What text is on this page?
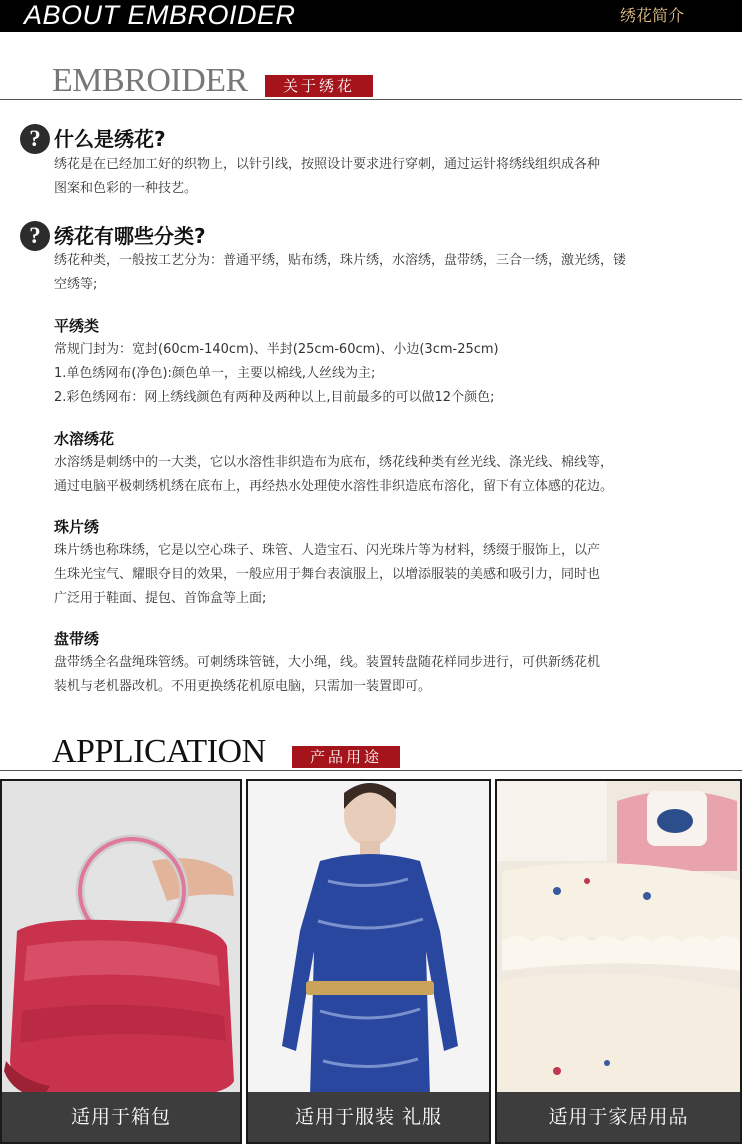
ABOUT EMBROIDER	绣花简介
EMBROIDER	关于绣花
? 什么是绣花?

绣花是在已经加工好的织物上，以针引线，按照设计要求进行穿刺，通过运针将绣线组织成各种
图案和色彩的一种技艺。

? 绣花有哪些分类?

绣花种类，一般按工艺分为：普通平绣，贴布绣，珠片绣，水溶绣，盘带绣，三合一绣，激光绣，镂
空绣等;

平绣类

常规门封为：宽封(60cm-140cm)、半封(25cm-60cm)、小边(3cm-25cm)
1.单色绣网布(净色):颜色单一，主要以棉线,人丝线为主;
2.彩色绣网布：网上绣线颜色有两种及两种以上,目前最多的可以做12个颜色;

水溶绣花

水溶绣是刺绣中的一大类，它以水溶性非织造布为底布，绣花线种类有丝光线、涤光线、棉线等，
通过电脑平极刺绣机绣在底布上，再经热水处理使水溶性非织造底布溶化，留下有立体感的花边。

珠片绣

珠片绣也称珠绣，它是以空心珠子、珠管、人造宝石、闪光珠片等为材料，绣缀于服饰上，以产
生珠光宝气、耀眼夺目的效果，一般应用于舞台表演服上，以增添服装的美感和吸引力，同时也
广泛用于鞋面、提包、首饰盒等上面;

盘带绣

盘带绣全名盘绳珠管绣。可刺绣珠管链，大小绳，线。装置转盘随花样同步进行，可供新绣花机
装机与老机器改机。不用更换绣花机原电脑，只需加一装置即可。

APPLICATION	产品用途
适用于箱包	适用于服装 礼服	适用于家居用品
